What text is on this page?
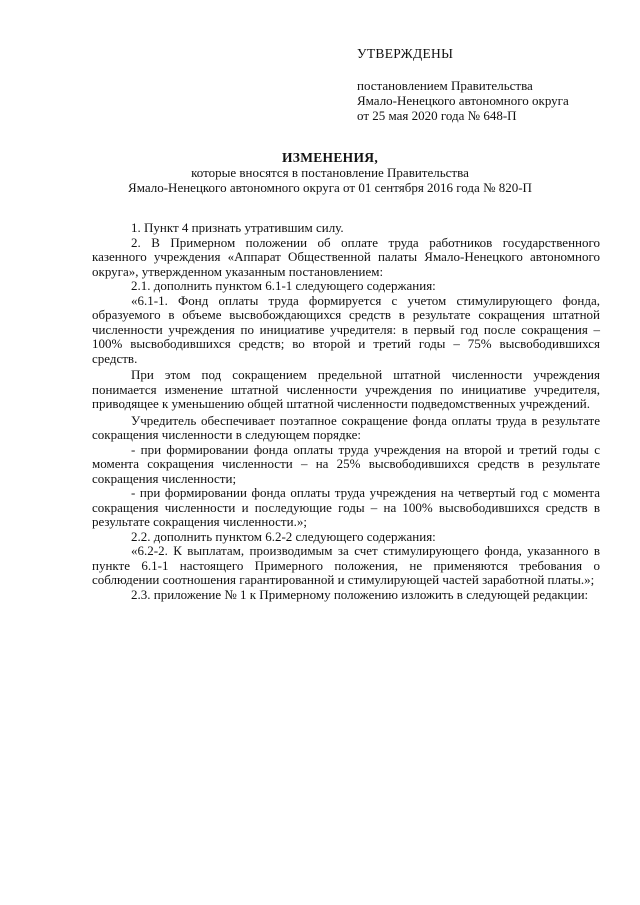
УТВЕРЖДЕНЫ
постановлением Правительства
Ямало-Ненецкого автономного округа
от 25 мая 2020 года № 648-П
ИЗМЕНЕНИЯ,
которые вносятся в постановление Правительства
Ямало-Ненецкого автономного округа от 01 сентября 2016 года № 820-П

1. Пункт 4 признать утратившим силу.

2. В Примерном положении об оплате труда работников государственного казенного учреждения «Аппарат Общественной палаты Ямало-Ненецкого автономного округа», утвержденном указанным постановлением:

2.1. дополнить пунктом 6.1-1 следующего содержания:

«6.1-1. Фонд оплаты труда формируется с учетом стимулирующего фонда, образуемого в объеме высвобождающихся средств в результате сокращения штатной численности учреждения по инициативе учредителя: в первый год после сокращения – 100% высвободившихся средств; во второй и третий годы – 75% высвободившихся средств.

При этом под сокращением предельной штатной численности учреждения понимается изменение штатной численности учреждения по инициативе учредителя, приводящее к уменьшению общей штатной численности подведомственных учреждений.

Учредитель обеспечивает поэтапное сокращение фонда оплаты труда в результате сокращения численности в следующем порядке:

- при формировании фонда оплаты труда учреждения на второй и третий годы с момента сокращения численности – на 25% высвободившихся средств в результате сокращения численности;

- при формировании фонда оплаты труда учреждения на четвертый год с момента сокращения численности и последующие годы – на 100% высвободившихся средств в результате сокращения численности.»;

2.2. дополнить пунктом 6.2-2 следующего содержания:

«6.2-2. К выплатам, производимым за счет стимулирующего фонда, указанного в пункте 6.1-1 настоящего Примерного положения, не применяются требования о соблюдении соотношения гарантированной и стимулирующей частей заработной платы.»;

2.3. приложение № 1 к Примерному положению изложить в следующей редакции:
